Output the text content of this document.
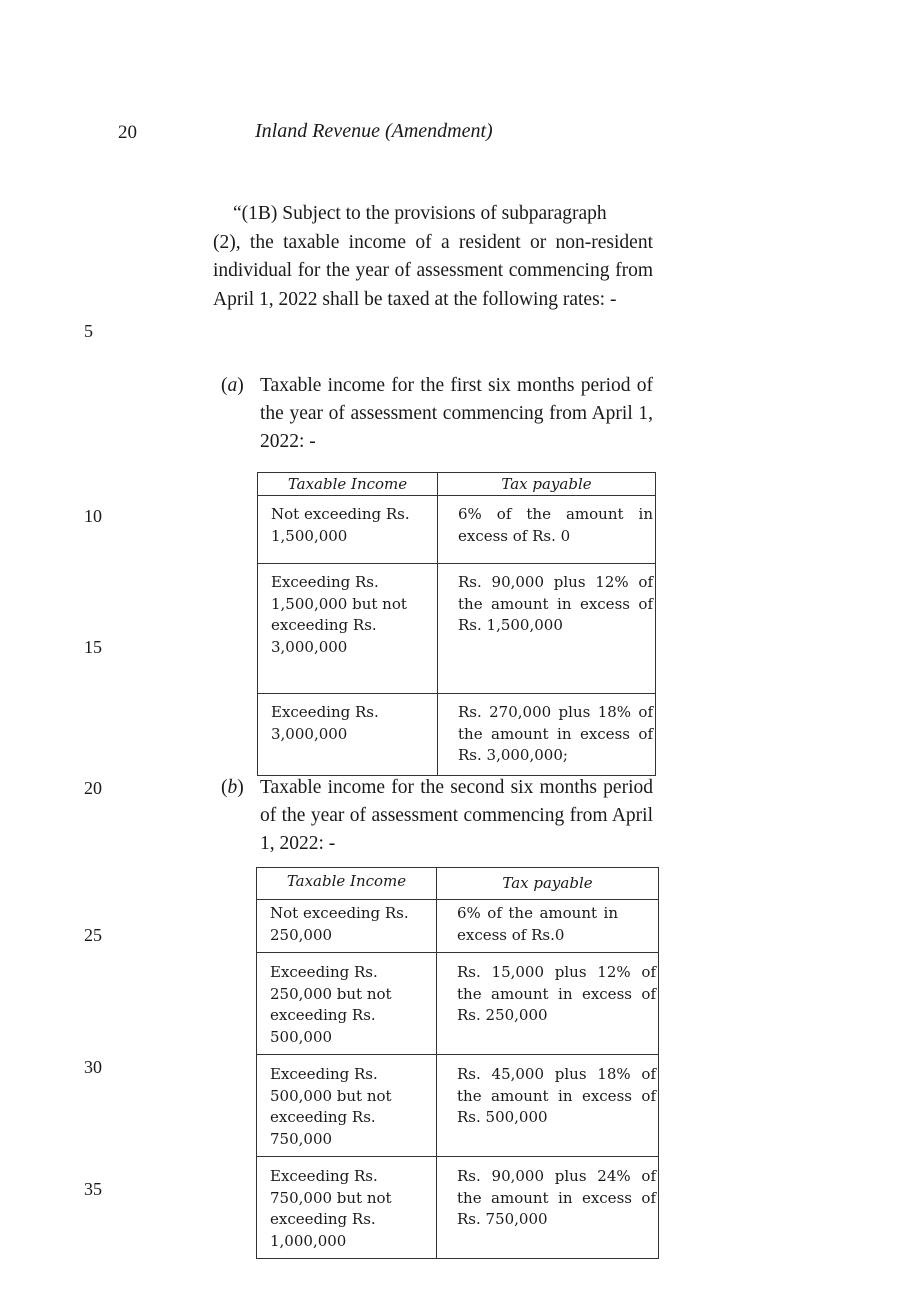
20	Inland Revenue (Amendment)
5
10
15
20
25
30
35

“(1B) Subject to the provisions of subparagraph
(2), the taxable income of a resident or non-resident individual for the year of assessment commencing from April 1, 2022 shall be taxed at the following rates: -

(a) Taxable income for the first six months period of the year of assessment commencing from April 1, 2022: -
Taxable Income	Tax payable

Not exceeding Rs. 1,500,000	6% of the amount in excess of Rs. 0

Exceeding Rs. 1,500,000 but not exceeding Rs. 3,000,000	Rs. 90,000 plus 12% of the amount in excess of Rs. 1,500,000

Exceeding Rs. 3,000,000	Rs. 270,000 plus 18% of the amount in excess of Rs. 3,000,000;
(b) Taxable income for the second six months period of the year of assessment commencing from April 1, 2022: -
Taxable Income	Tax payable

Not exceeding Rs. 250,000	6% of the amount in excess of Rs.0

Exceeding Rs. 250,000 but not exceeding Rs. 500,000	Rs. 15,000 plus 12% of the amount in excess of Rs. 250,000

Exceeding Rs. 500,000 but not exceeding Rs. 750,000	Rs. 45,000 plus 18% of the amount in excess of Rs. 500,000

Exceeding Rs. 750,000 but not exceeding Rs. 1,000,000	Rs. 90,000 plus 24% of the amount in excess of Rs. 750,000
